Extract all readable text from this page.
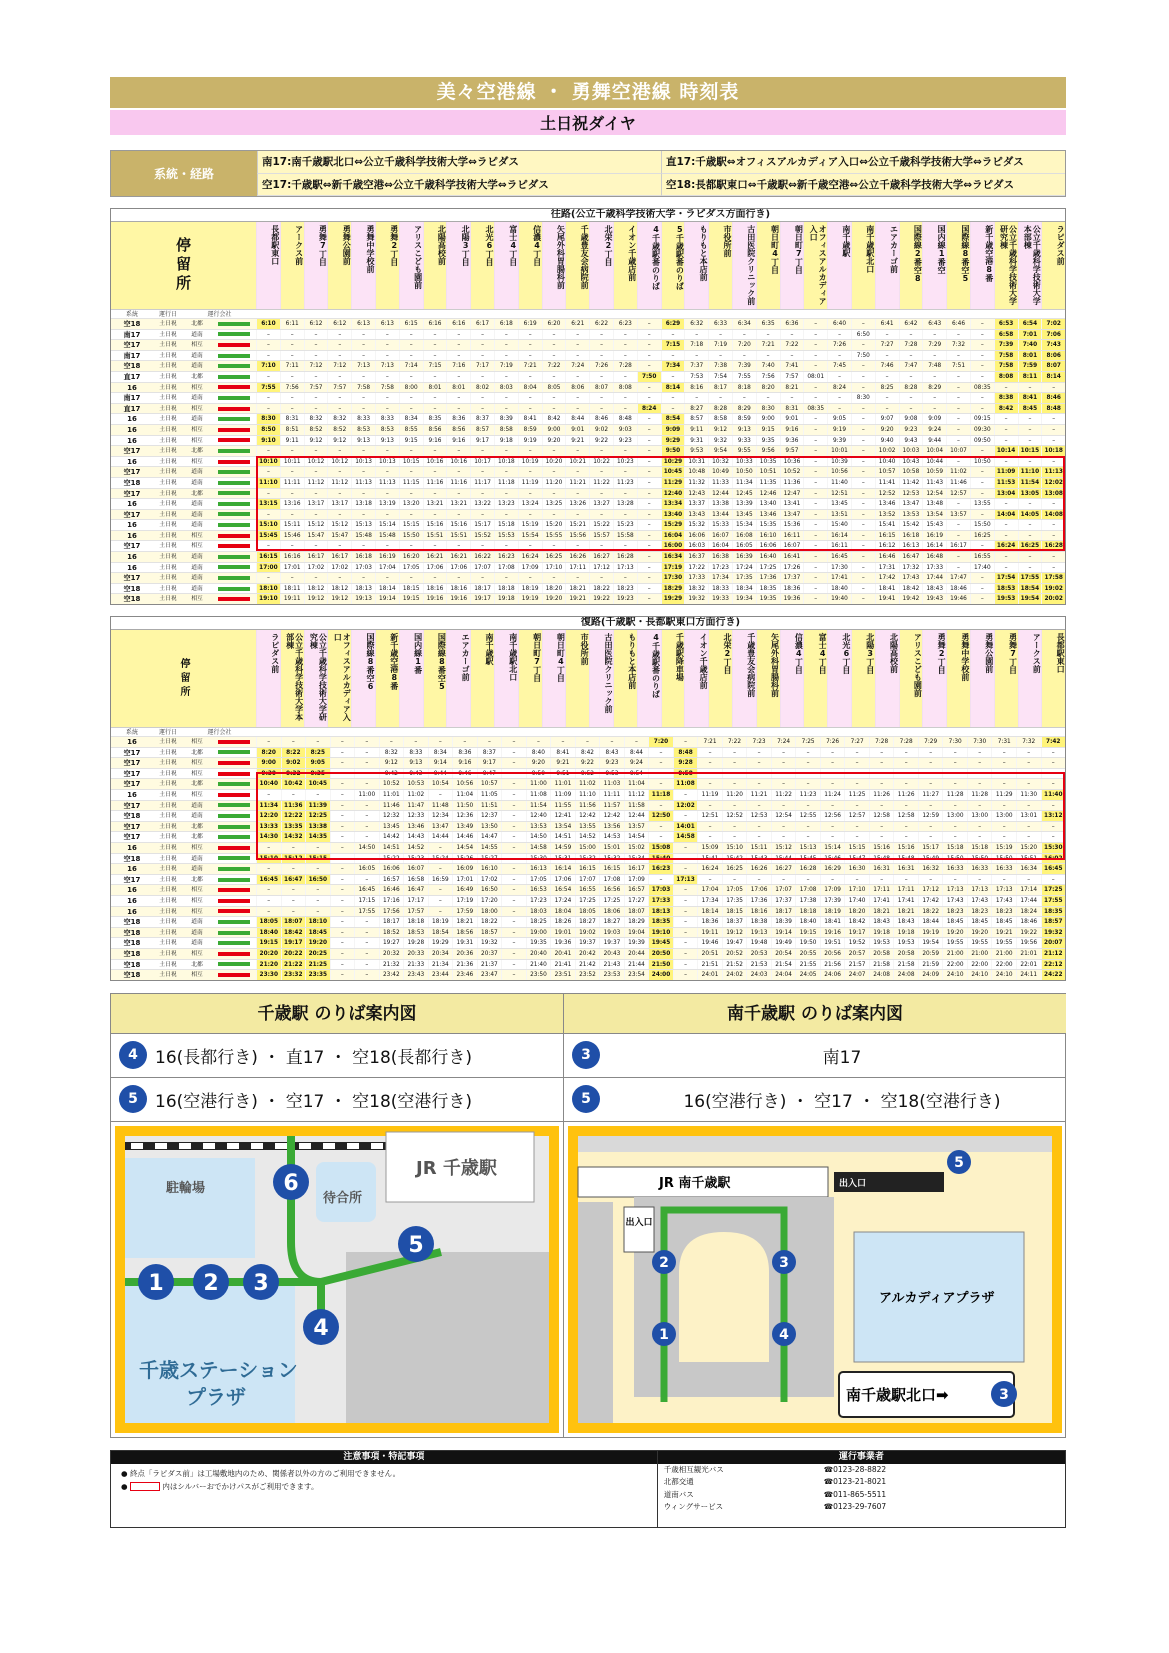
美々空港線 ・ 勇舞空港線 時刻表
土日祝ダイヤ
系統・経路
南17:南千歳駅北口⇔公立千歳科学技術大学⇔ラピダス	直17:千歳駅⇔オフィスアルカディア入口⇔公立千歳科学技術大学⇔ラピダス
空17:千歳駅⇔新千歳空港⇔公立千歳科学技術大学⇔ラピダス	空18:長都駅東口⇔千歳駅⇔新千歳空港⇔公立千歳科学技術大学⇔ラピダス
往路(公立千歳科学技術大学・ラピダス方面行き)
停留所	長都駅東口	アークス前	勇舞7丁目	勇舞公園前	勇舞中学校前	勇舞2丁目	アリスこども園前	北陽高校前	北陽3丁目	北光6丁目	富士4丁目	信濃4丁目	矢尾外科胃腸科前	千歳豊友会病院前	北栄2丁目	イオン千歳店前	4千歳駅番のりば	5千歳駅番のりば	もりもと本店前	市役所前	古田医院クリニック前	朝日町4丁目	朝日町7丁目	オフィスアルカディア入口	南千歳駅	南千歳駅北口	エアカーゴ前	国際線2番空8	国内線1番空	国際線8番空5	新千歳空港8番	公立千歳科学技術大学研究棟	公立千歳科学技術大学本部棟	ラピダス前
系統	運行日	運行会社
空18	土日祝	北都	6:10	6:11	6:12	6:12	6:13	6:13	6:15	6:16	6:16	6:17	6:18	6:19	6:20	6:21	6:22	6:23	–	6:29	6:32	6:33	6:34	6:35	6:36	–	6:40	–	6:41	6:42	6:43	6:46	–	6:53	6:54	7:02
南17	土日祝	道南	–	–	–	–	–	–	–	–	–	–	–	–	–	–	–	–	–	–	–	–	–	–	–	–	–	6:50	–	–	–	–	–	6:58	7:01	7:06
空17	土日祝	相互	–	–	–	–	–	–	–	–	–	–	–	–	–	–	–	–	–	7:15	7:18	7:19	7:20	7:21	7:22	–	7:26	–	7:27	7:28	7:29	7:32	–	7:39	7:40	7:43
南17	土日祝	道南	–	–	–	–	–	–	–	–	–	–	–	–	–	–	–	–	–	–	–	–	–	–	–	–	–	7:50	–	–	–	–	–	7:58	8:01	8:06
空18	土日祝	道南	7:10	7:11	7:12	7:12	7:13	7:13	7:14	7:15	7:16	7:17	7:19	7:21	7:22	7:24	7:26	7:28	–	7:34	7:37	7:38	7:39	7:40	7:41	–	7:45	–	7:46	7:47	7:48	7:51	–	7:58	7:59	8:07
直17	土日祝	北都	–	–	–	–	–	–	–	–	–	–	–	–	–	–	–	–	7:50	–	7:53	7:54	7:55	7:56	7:57	08:01	–	–	–	–	–	–	–	8:08	8:11	8:14
16	土日祝	相互	7:55	7:56	7:57	7:57	7:58	7:58	8:00	8:01	8:01	8:02	8:03	8:04	8:05	8:06	8:07	8:08	–	8:14	8:16	8:17	8:18	8:20	8:21	–	8:24	–	8:25	8:28	8:29	–	08:35	–	–	–
南17	土日祝	道南	–	–	–	–	–	–	–	–	–	–	–	–	–	–	–	–	–	–	–	–	–	–	–	–	–	8:30	–	–	–	–	–	8:38	8:41	8:46
直17	土日祝	相互	–	–	–	–	–	–	–	–	–	–	–	–	–	–	–	–	8:24	–	8:27	8:28	8:29	8:30	8:31	08:35	–	–	–	–	–	–	–	8:42	8:45	8:48
16	土日祝	道南	8:30	8:31	8:32	8:32	8:33	8:33	8:34	8:35	8:36	8:37	8:39	8:41	8:42	8:44	8:46	8:48	–	8:54	8:57	8:58	8:59	9:00	9:01	–	9:05	–	9:07	9:08	9:09	–	09:15	–	–	–
16	土日祝	相互	8:50	8:51	8:52	8:52	8:53	8:53	8:55	8:56	8:56	8:57	8:58	8:59	9:00	9:01	9:02	9:03	–	9:09	9:11	9:12	9:13	9:15	9:16	–	9:19	–	9:20	9:23	9:24	–	09:30	–	–	–
16	土日祝	相互	9:10	9:11	9:12	9:12	9:13	9:13	9:15	9:16	9:16	9:17	9:18	9:19	9:20	9:21	9:22	9:23	–	9:29	9:31	9:32	9:33	9:35	9:36	–	9:39	–	9:40	9:43	9:44	–	09:50	–	–	–
空17	土日祝	北都	–	–	–	–	–	–	–	–	–	–	–	–	–	–	–	–	–	9:50	9:53	9:54	9:55	9:56	9:57	–	10:01	–	10:02	10:03	10:04	10:07	–	10:14 10:15 10:18
16	土日祝	相互	10:10	10:11	10:12	10:12	10:13	10:13	10:15	10:16	10:16	10:17	10:18	10:19	10:20	10:21	10:22	10:23	–	10:29	10:31	10:32	10:33	10:35	10:36	–	10:39	–	10:40	10:43	10:44	–	10:50	–	–	–
空17	土日祝	道南	–	–	–	–	–	–	–	–	–	–	–	–	–	–	–	–	–	10:45	10:48	10:49	10:50	10:51	10:52	–	10:56	–	10:57	10:58	10:59	11:02	–	11:09 11:10 11:13
空18	土日祝	道南	11:10	11:11	11:12	11:12	11:13	11:13	11:15	11:16	11:16	11:17	11:18	11:19	11:20	11:21	11:22	11:23	–	11:29	11:32	11:33	11:34	11:35	11:36	–	11:40	–	11:41	11:42	11:43	11:46	–	11:53 11:54 12:02
空17	土日祝	北都	–	–	–	–	–	–	–	–	–	–	–	–	–	–	–	–	–	12:40	12:43	12:44	12:45	12:46	12:47	–	12:51	–	12:52	12:53	12:54	12:57	–	13:04 13:05 13:08
16	土日祝	道南	13:15	13:16	13:17	13:17	13:18	13:19	13:20	13:21	13:21	13:22	13:23	13:24	13:25	13:26	13:27	13:28	–	13:34	13:37	13:38	13:39	13:40	13:41	–	13:45	–	13:46	13:47	13:48	–	13:55	–	–	–
空17	土日祝	道南	–	–	–	–	–	–	–	–	–	–	–	–	–	–	–	–	–	13:40	13:43	13:44	13:45	13:46	13:47	–	13:51	–	13:52	13:53	13:54	13:57	–	14:04 14:05 14:08
16	土日祝	道南	15:10	15:11	15:12	15:12	15:13	15:14	15:15	15:16	15:16	15:17	15:18	15:19	15:20	15:21	15:22	15:23	–	15:29	15:32	15:33	15:34	15:35	15:36	–	15:40	–	15:41	15:42	15:43	–	15:50	–	–	–
16	土日祝	相互	15:45	15:46	15:47	15:47	15:48	15:48	15:50	15:51	15:51	15:52	15:53	15:54	15:55	15:56	15:57	15:58	–	16:04	16:06	16:07	16:08	16:10	16:11	–	16:14	–	16:15	16:18	16:19	–	16:25	–	–	–
空17	土日祝	相互	–	–	–	–	–	–	–	–	–	–	–	–	–	–	–	–	–	16:00	16:03	16:04	16:05	16:06	16:07	–	16:11	–	16:12	16:13	16:14	16:17	–	16:24 16:25 16:28
16	土日祝	道南	16:15	16:16	16:17	16:17	16:18	16:19	16:20	16:21	16:21	16:22	16:23	16:24	16:25	16:26	16:27	16:28	–	16:34	16:37	16:38	16:39	16:40	16:41	–	16:45	–	16:46	16:47	16:48	–	16:55	–	–	–
16	土日祝	道南	17:00	17:01	17:02	17:02	17:03	17:04	17:05	17:06	17:06	17:07	17:08	17:09	17:10	17:11	17:12	17:13	–	17:19	17:22	17:23	17:24	17:25	17:26	–	17:30	–	17:31	17:32	17:33	–	17:40	–	–	–
空17	土日祝	道南	–	–	–	–	–	–	–	–	–	–	–	–	–	–	–	–	–	17:30	17:33	17:34	17:35	17:36	17:37	–	17:41	–	17:42	17:43	17:44	17:47	–	17:54 17:55 17:58
空18	土日祝	道南	18:10	18:11	18:12	18:12	18:13	18:14	18:15	18:16	18:16	18:17	18:18	18:19	18:20	18:21	18:22	18:23	–	18:29	18:32	18:33	18:34	18:35	18:36	–	18:40	–	18:41	18:42	18:43	18:46	–	18:53 18:54 19:02
空18	土日祝	相互	19:10	19:11	19:12	19:12	19:13	19:14	19:15	19:16	19:16	19:17	19:18	19:19	19:20	19:21	19:22	19:23	–	19:29	19:32	19:33	19:34	19:35	19:36	–	19:40	–	19:41	19:42	19:43	19:46	–	19:53 19:54 20:02
復路(千歳駅・長都駅東口方面行き)
停留所
ラピダス前	公立千歳科学技術大学本部棟	公立千歳科学技術大学研究棟	オフィスアルカディア入口	国際線8番空6	新千歳空港8番	国内線1番	国際線8番空5	エアカーゴ前	南千歳駅	南千歳駅北口	朝日町7丁目	朝日町4丁目	市役所前	古田医院クリニック前	もりもと本店前	4千歳駅番のりば	千歳駅降車場	イオン千歳店前	北栄2丁目	千歳豊友会病院前	矢尾外科胃腸科前	信濃4丁目	富士4丁目	北光6丁目	北陽3丁目	北陽高校前	アリスこども園前	勇舞2丁目	勇舞中学校前	勇舞公園前	勇舞7丁目	アークス前	長都駅東口
系統	運行日	運行会社
16	土日祝	相互	–	–	–	–	–	–	–	–	–	–	–	–	–	–	–	–	7:20	–	7:21	7:22	7:23	7:24	7:25	7:26	7:27	7:28	7:28	7:29	7:30	7:30	7:31	7:32	7:42
空17	土日祝	北都	8:20	8:22	8:25	–	–	8:32	8:33	8:34	8:36	8:37	–	8:40	8:41	8:42	8:43	8:44	–	8:48	–	–	–	–	–	–	–	–	–	–	–	–	–	–	–
空17	土日祝	相互	9:00	9:02	9:05	–	–	9:12	9:13	9:14	9:16	9:17	–	9:20	9:21	9:22	9:23	9:24	–	9:28	–	–	–	–	–	–	–	–	–	–	–	–	–	–	–
空17	土日祝	相互	9:30	9:32	9:35	–	–	9:42	9:43	9:44	9:46	9:47	–	9:50	9:51	9:52	9:53	9:54	–	9:58	–	–	–	–	–	–	–	–	–	–	–	–	–	–	–
空17	土日祝	北都	10:40	10:42	10:45	–	–	10:52	10:53	10:54	10:56	10:57	–	11:00	11:01	11:02	11:03	11:04	–	11:08	–	–	–	–	–	–	–	–	–	–	–	–	–	–	–
16	土日祝	相互	–	–	–	–	11:00	11:01	11:02	–	11:04	11:05	–	11:08	11:09	11:10	11:11	11:12	11:18	–	11:19	11:20	11:21	11:22	11:23	11:24	11:25	11:26	11:26	11:27	11:28	11:28	11:29	11:30	11:40
空17	土日祝	道南	11:34	11:36	11:39	–	–	11:46	11:47	11:48	11:50	11:51	–	11:54	11:55	11:56	11:57	11:58	–	12:02	–	–	–	–	–	–	–	–	–	–	–	–	–	–	–
空18	土日祝	道南	12:20	12:22	12:25	–	–	12:32	12:33	12:34	12:36	12:37	–	12:40	12:41	12:42	12:42	12:44	12:50	–	12:51	12:52	12:53	12:54	12:55	12:56	12:57	12:58	12:58	12:59	13:00	13:00	13:00	13:01	13:12
空17	土日祝	北都	13:33	13:35	13:38	–	–	13:45	13:46	13:47	13:49	13:50	–	13:53	13:54	13:55	13:56	13:57	–	14:01	–	–	–	–	–	–	–	–	–	–	–	–	–	–	–
空17	土日祝	北都	14:30	14:32	14:35	–	–	14:42	14:43	14:44	14:46	14:47	–	14:50	14:51	14:52	14:53	14:54	–	14:58	–	–	–	–	–	–	–	–	–	–	–	–	–	–	–
16	土日祝	相互	–	–	–	–	14:50	14:51	14:52	–	14:54	14:55	–	14:58	14:59	15:00	15:01	15:02	15:08	–	15:09	15:10	15:11	15:12	15:13	15:14	15:15	15:16	15:16	15:17	15:18	15:18	15:19	15:20	15:30
空18	土日祝	道南	15:10	15:12	15:15	–	–	15:22	15:23	15:24	15:26	15:27	–	15:30	15:31	15:32	15:32	15:34	15:40	–	15:41	15:42	15:43	15:44	15:45	15:46	15:47	15:48	15:48	15:49	15:50	15:50	15:50	15:51	16:02
16	土日祝	道南	–	–	–	–	16:05	16:06	16:07	–	16:09	16:10	–	16:13	16:14	16:15	16:15	16:17	16:23	–	16:24	16:25	16:26	16:27	16:28	16:29	16:30	16:31	16:31	16:32	16:33	16:33	16:33	16:34	16:45
空17	土日祝	北都	16:45	16:47	16:50	–	–	16:57	16:58	16:59	17:01	17:02	–	17:05	17:06	17:07	17:08	17:09	–	17:13	–	–	–	–	–	–	–	–	–	–	–	–	–	–	–
16	土日祝	相互	–	–	–	–	16:45	16:46	16:47	–	16:49	16:50	–	16:53	16:54	16:55	16:56	16:57	17:03	–	17:04	17:05	17:06	17:07	17:08	17:09	17:10	17:11	17:11	17:12	17:13	17:13	17:13	17:14	17:25
16	土日祝	相互	–	–	–	–	17:15	17:16	17:17	–	17:19	17:20	–	17:23	17:24	17:25	17:25	17:27	17:33	–	17:34	17:35	17:36	17:37	17:38	17:39	17:40	17:41	17:41	17:42	17:43	17:43	17:43	17:44	17:55
16	土日祝	相互	–	–	–	–	17:55	17:56	17:57	–	17:59	18:00	–	18:03	18:04	18:05	18:06	18:07	18:13	–	18:14	18:15	18:16	18:17	18:18	18:19	18:20	18:21	18:21	18:22	18:23	18:23	18:23	18:24	18:35
空18	土日祝	道南	18:05	18:07	18:10	–	–	18:17	18:18	18:19	18:21	18:22	–	18:25	18:26	18:27	18:27	18:29	18:35	–	18:36	18:37	18:38	18:39	18:40	18:41	18:42	18:43	18:43	18:44	18:45	18:45	18:45	18:46	18:57
空18	土日祝	道南	18:40	18:42	18:45	–	–	18:52	18:53	18:54	18:56	18:57	–	19:00	19:01	19:02	19:03	19:04	19:10	–	19:11	19:12	19:13	19:14	19:15	19:16	19:17	19:18	19:18	19:19	19:20	19:20	19:21	19:22	19:32
空18	土日祝	道南	19:15	19:17	19:20	–	–	19:27	19:28	19:29	19:31	19:32	–	19:35	19:36	19:37	19:37	19:39	19:45	–	19:46	19:47	19:48	19:49	19:50	19:51	19:52	19:53	19:53	19:54	19:55	19:55	19:55	19:56	20:07
空18	土日祝	相互	20:20	20:22	20:25	–	–	20:32	20:33	20:34	20:36	20:37	–	20:40	20:41	20:42	20:43	20:44	20:50	–	20:51	20:52	20:53	20:54	20:55	20:56	20:57	20:58	20:58	20:59	21:00	21:00	21:00	21:01	21:12
空18	土日祝	北都	21:20	21:22	21:25	–	–	21:32	21:33	21:34	21:36	21:37	–	21:40	21:41	21:42	21:43	21:44	21:50	–	21:51	21:52	21:53	21:54	21:55	21:56	21:57	21:58	21:58	21:59	22:00	22:00	22:00	22:01	22:12
空18	土日祝	相互	23:30	23:32	23:35	–	–	23:42	23:43	23:44	23:46	23:47	–	23:50	23:51	23:52	23:53	23:54	24:00	–	24:01	24:02	24:03	24:04	24:05	24:06	24:07	24:08	24:08	24:09	24:10	24:10	24:10	24:11	24:22
千歳駅 のりば案内図
4	16(長都行き) ・ 直17 ・ 空18(長都行き)
5	16(空港行き) ・ 空17 ・ 空18(空港行き)
駐輪場
待合所
JR 千歳駅
千歳ステーション
プラザ
1 2 3
4
5
6
南千歳駅 のりば案内図
3	南17
5	16(空港行き) ・ 空17 ・ 空18(空港行き)
出入口
出入口
JR 南千歳駅
アルカディアプラザ
南千歳駅北口➡
1
2	3
4
5
3
注意事項・特記事項
● 終点「ラピダス前」は工場敷地内のため、関係者以外の方のご利用できません。
●	内はシルバーおでかけパスがご利用できます。
運行事業者
千歳相互観光バス	☎0123-28-8822
北都交通	☎0123-21-8021
道南バス	☎011-865-5511
ウィングサービス	☎0123-29-7607
